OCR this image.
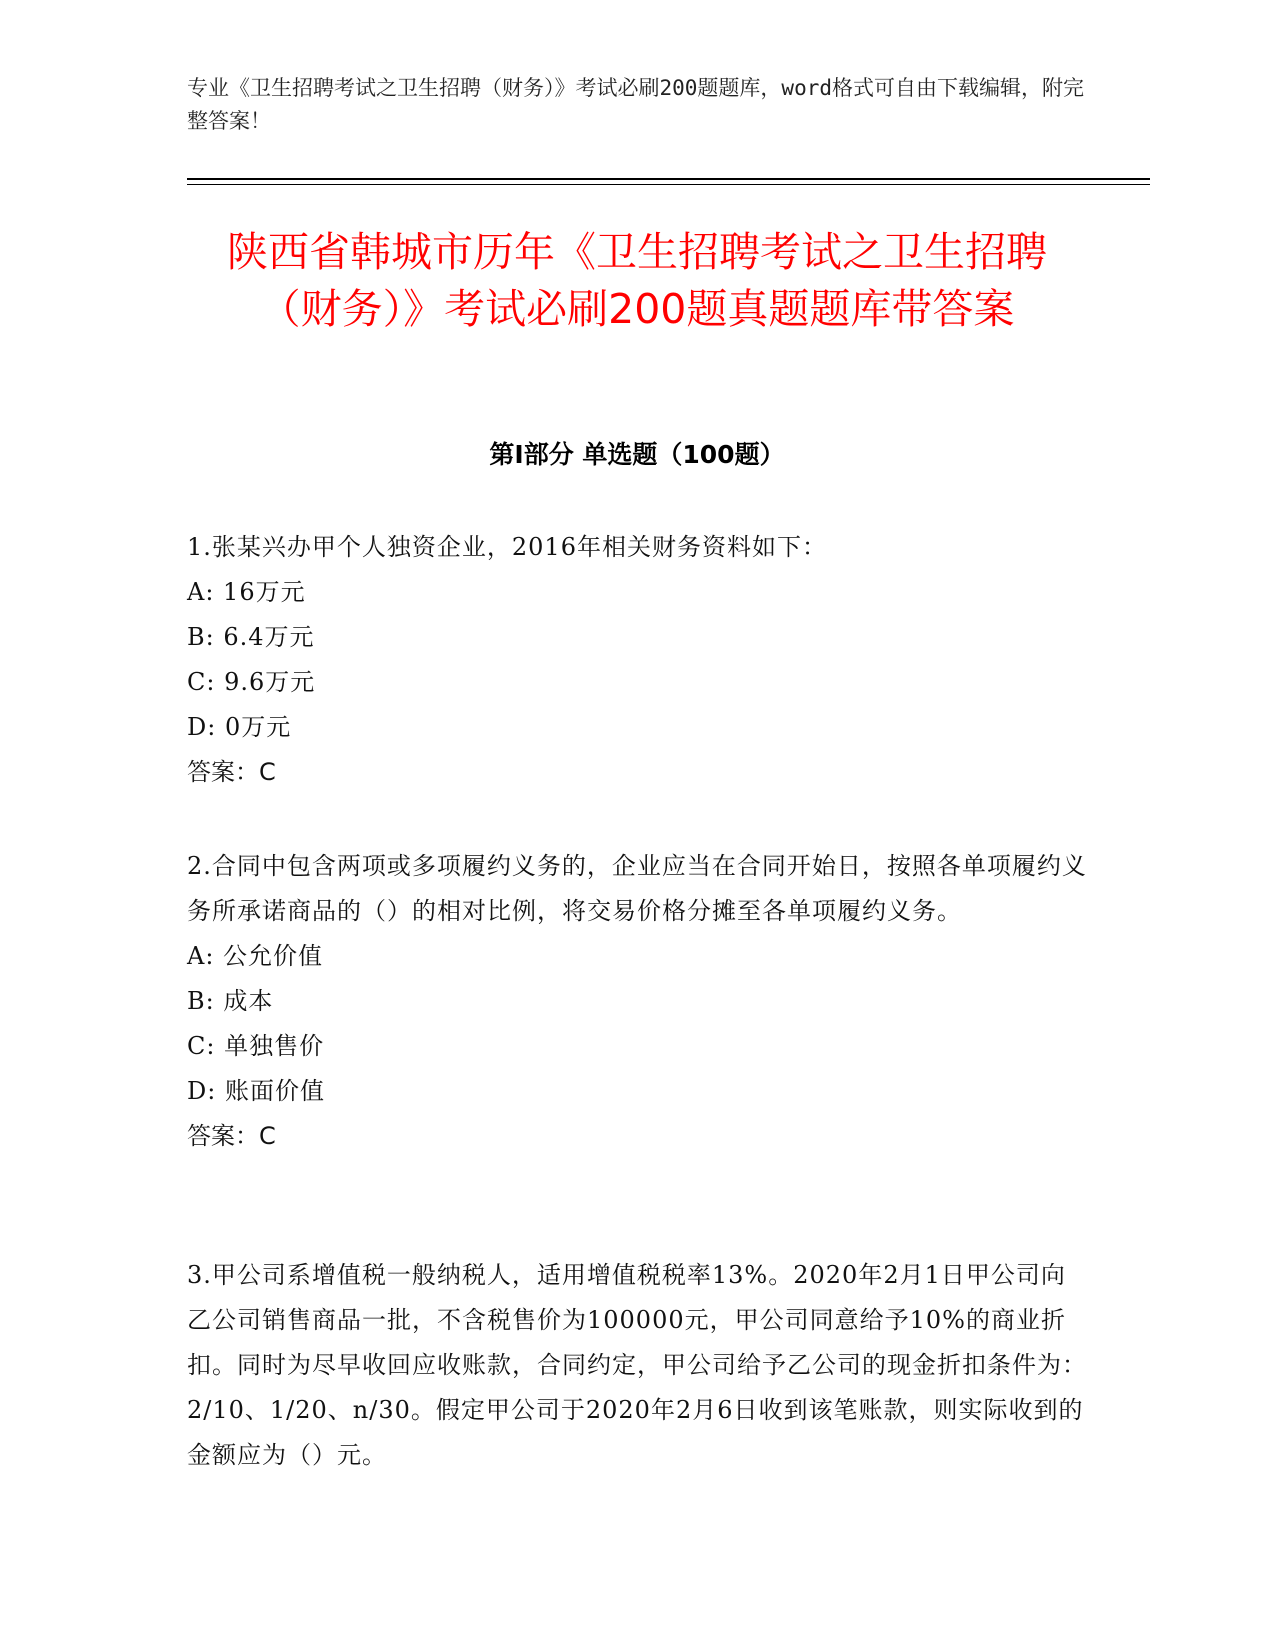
专业《卫生招聘考试之卫生招聘（财务）》考试必刷200题题库，word格式可自由下载编辑，附完整答案！
陕西省韩城市历年《卫生招聘考试之卫生招聘（财务）》考试必刷200题真题题库带答案
第I部分 单选题（100题）
1.张某兴办甲个人独资企业，2016年相关财务资料如下：
A: 16万元
B: 6.4万元
C: 9.6万元
D: 0万元
答案：C
2.合同中包含两项或多项履约义务的，企业应当在合同开始日，按照各单项履约义务所承诺商品的（）的相对比例，将交易价格分摊至各单项履约义务。
A: 公允价值
B: 成本
C: 单独售价
D: 账面价值
答案：C
3.甲公司系增值税一般纳税人，适用增值税税率13%。2020年2月1日甲公司向乙公司销售商品一批，不含税售价为100000元，甲公司同意给予10%的商业折扣。同时为尽早收回应收账款，合同约定，甲公司给予乙公司的现金折扣条件为：2/10、1/20、n/30。假定甲公司于2020年2月6日收到该笔账款，则实际收到的金额应为（）元。
